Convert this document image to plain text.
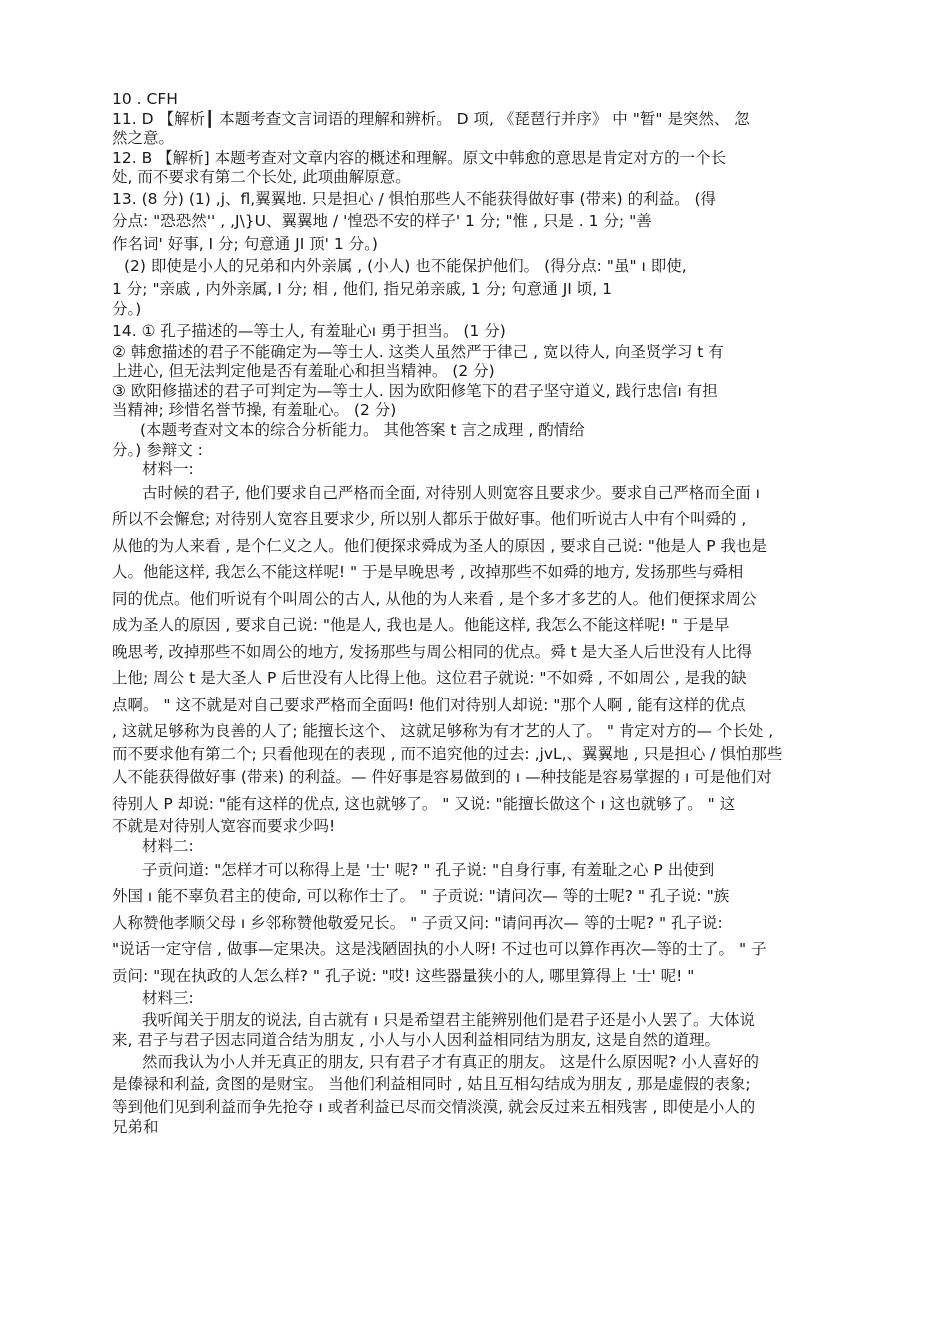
10 . CFH

11. D 【解析┃ 本题考查文言词语的理解和辨析。 D 项, 《琵琶行并序》 中 "暂" 是突然、 忽

然之意。

12. B 【解析] 本题考查对文章内容的概述和理解。原文中韩愈的意思是肯定对方的一个长

处, 而不要求有第二个长处, 此项曲解原意。

13. (8 分) (1) ,j、fl,翼翼地. 只是担心 / 惧怕那些人不能获得做好事 (带来) 的利益。 (得

分点: "恐恐然'' , ,J\}U、翼翼地 / '惶恐不安的样子' 1 分; "惟 , 只是 . 1 分; "善

作名词' 好事, I 分; 句意通 JI 顶' 1 分。)

(2) 即使是小人的兄弟和内外亲属 , (小人) 也不能保护他们。 (得分点: "虽" ı 即使,

1 分; "亲戚 , 内外亲属, I 分; 相 , 他们, 指兄弟亲戚, 1 分; 句意通 JI 顷, 1

分。)

14. ① 孔子描述的—等士人, 有羞耻心ı 勇于担当。 (1 分)

② 韩愈描述的君子不能确定为—等士人. 这类人虽然严于律己 , 宽以待人, 向圣贤学习 t 有

上进心, 但无法判定他是否有羞耻心和担当精神。 (2 分)

③ 欧阳修描述的君子可判定为—等士人. 因为欧阳修笔下的君子坚守道义, 践行忠信ı 有担

当精神; 珍惜名誉节操, 有羞耻心。 (2 分)

(本题考查对文本的综合分析能力。 其他答案 t 言之成理 , 酌情给

分。) 参辩文 :

材料一:

古时候的君子, 他们要求自己严格而全面, 对待别人则宽容且要求少。要求自己严格而全面 ı

所以不会懈怠; 对待别人宽容且要求少, 所以别人都乐于做好事。他们听说古人中有个叫舜的 ,

从他的为人来看 , 是个仁义之人。他们便探求舜成为圣人的原因 , 要求自己说: "他是人 P 我也是

人。他能这样, 我怎么不能这样呢! " 于是早晚思考 , 改掉那些不如舜的地方, 发扬那些与舜相

同的优点。他们听说有个叫周公的古人, 从他的为人来看 , 是个多才多艺的人。他们便探求周公

成为圣人的原因 , 要求自己说: "他是人, 我也是人。他能这样, 我怎么不能这样呢! " 于是早

晚思考, 改掉那些不如周公的地方, 发扬那些与周公相同的优点。舜 t 是大圣人后世没有人比得

上他; 周公 t 是大圣人 P 后世没有人比得上他。这位君子就说: "不如舜 , 不如周公 , 是我的缺

点啊。 " 这不就是对自己要求严格而全面吗! 他们对待别人却说: "那个人啊 , 能有这样的优点

, 这就足够称为良善的人了; 能擅长这个、 这就足够称为有才艺的人了。 " 肯定对方的— 个长处 ,

而不要求他有第二个; 只看他现在的表现 , 而不追究他的过去: ,jvL,、翼翼地 , 只是担心 / 惧怕那些

人不能获得做好事 (带来) 的利益。— 件好事是容易做到的 ı —种技能是容易掌握的 ı 可是他们对

待别人 P 却说: "能有这样的优点, 这也就够了。 " 又说: "能擅长做这个 ı 这也就够了。 " 这

不就是对待别人宽容而要求少吗!

材料二:

子贡问道: "怎样才可以称得上是 '士' 呢? " 孔子说: "自身行事, 有羞耻之心 P 出使到

外国 ı 能不辜负君主的使命, 可以称作士了。 " 子贡说: "请问次— 等的士呢? " 孔子说: "族

人称赞他孝顺父母 ı 乡邻称赞他敬爱兄长。 " 子贡又问: "请问再次— 等的士呢? " 孔子说:

"说话一定守信 , 做事—定果决。这是浅陋固执的小人呀! 不过也可以算作再次—等的士了。 " 子

贡问: "现在执政的人怎么样? " 孔子说: "哎! 这些器量狭小的人, 哪里算得上 '士' 呢! "

材料三:

我听闻关于朋友的说法, 自古就有 ı 只是希望君主能辨别他们是君子还是小人罢了。大体说

来, 君子与君子因志同道合结为朋友 , 小人与小人因利益相同结为朋友, 这是自然的道理。

然而我认为小人并无真正的朋友, 只有君子才有真正的朋友。 这是什么原因呢? 小人喜好的

是傣禄和利益, 贪图的是财宝。 当他们利益相同时 , 姑且互相勾结成为朋友 , 那是虚假的表象;

等到他们见到利益而争先抢夺 ı 或者利益已尽而交情淡漠, 就会反过来五相残害 , 即使是小人的

兄弟和
